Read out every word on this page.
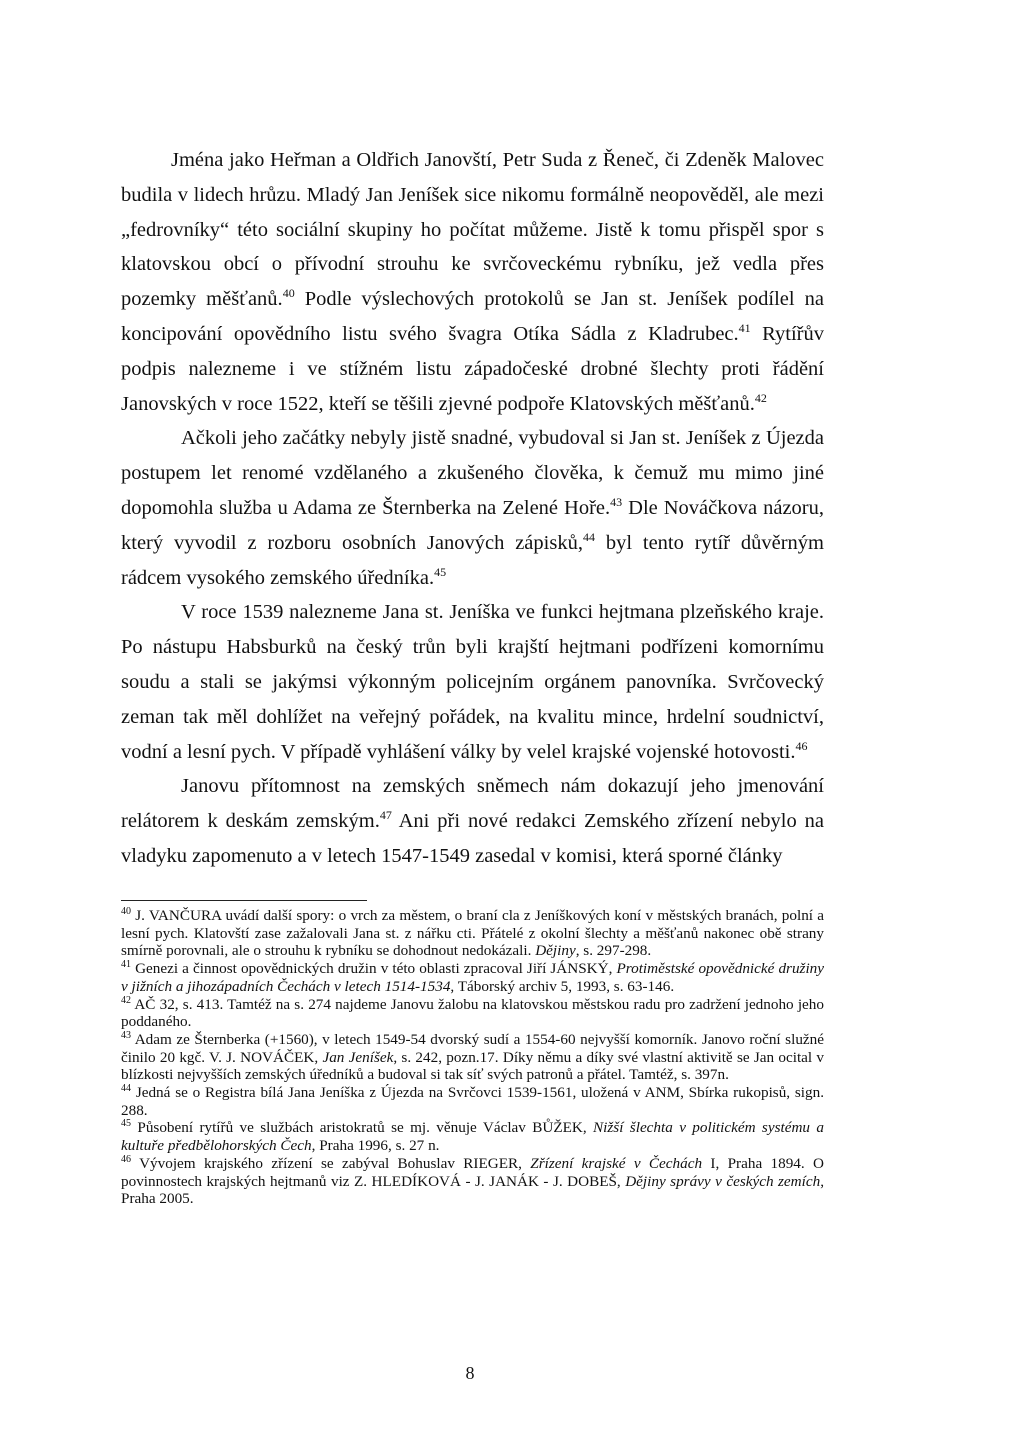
Jména jako Heřman a Oldřich Janovští, Petr Suda z Řeneč, či Zdeněk Malovec budila v lidech hrůzu. Mladý Jan Jeníšek sice nikomu formálně neopověděl, ale mezi „fedrovníky“ této sociální skupiny ho počítat můžeme. Jistě k tomu přispěl spor s klatovskou obcí o přívodní strouhu ke svrčoveckému rybníku, jež vedla přes pozemky měšťanů.$^{40}$ Podle výslechových protokolů se Jan st. Jeníšek podílel na koncipování opovědního listu svého švagra Otíka Sádla z Kladrubec.$^{41}$ Rytířův podpis nalezneme i ve stížném listu západočeské drobné šlechty proti řádění Janovských v roce 1522, kteří se těšili zjevné podpoře Klatovských měšťanů.$^{42}$

Ačkoli jeho začátky nebyly jistě snadné, vybudoval si Jan st. Jeníšek z Újezda postupem let renomé vzdělaného a zkušeného člověka, k čemuž mu mimo jiné dopomohla služba u Adama ze Šternberka na Zelené Hoře.$^{43}$ Dle Nováčkova názoru, který vyvodil z rozboru osobních Janových zápisků,$^{44}$ byl tento rytíř důvěrným rádcem vysokého zemského úředníka.$^{45}$

V roce 1539 nalezneme Jana st. Jeníška ve funkci hejtmana plzeňského kraje. Po nástupu Habsburků na český trůn byli krajští hejtmani podřízeni komornímu soudu a stali se jakýmsi výkonným policejním orgánem panovníka. Svrčovecký zeman tak měl dohlížet na veřejný pořádek, na kvalitu mince, hrdelní soudnictví, vodní a lesní pych. V případě vyhlášení války by velel krajské vojenské hotovosti.$^{46}$

Janovu přítomnost na zemských sněmech nám dokazují jeho jmenování relátorem k deskám zemským.$^{47}$ Ani při nové redakci Zemského zřízení nebylo na vladyku zapomenuto a v letech 1547-1549 zasedal v komisi, která sporné články

$^{40}$ J. VANČURA uvádí další spory: o vrch za městem, o braní cla z Jeníškových koní v městských branách, polní a lesní pych. Klatovští zase zažalovali Jana st. z nářku cti. Přátelé z okolní šlechty a měšťanů nakonec obě strany smírně porovnali, ale o strouhu k rybníku se dohodnout nedokázali. Dějiny, s. 297-298.

$^{41}$ Genezi a činnost opovědnických družin v této oblasti zpracoval Jiří JÁNSKÝ, Protiměstské opovědnické družiny v jižních a jihozápadních Čechách v letech 1514-1534, Táborský archiv 5, 1993, s. 63-146.

$^{42}$ AČ 32, s. 413. Tamtéž na s. 274 najdeme Janovu žalobu na klatovskou městskou radu pro zadržení jednoho jeho poddaného.

$^{43}$ Adam ze Šternberka (+1560), v letech 1549-54 dvorský sudí a 1554-60 nejvyšší komorník. Janovo roční služné činilo 20 kgč. V. J. NOVÁČEK, Jan Jeníšek, s. 242, pozn.17. Díky němu a díky své vlastní aktivitě se Jan ocital v blízkosti nejvyšších zemských úředníků a budoval si tak síť svých patronů a přátel. Tamtéž, s. 397n.

$^{44}$ Jedná se o Registra bílá Jana Jeníška z Újezda na Svrčovci 1539-1561, uložená v ANM, Sbírka rukopisů, sign. 288.

$^{45}$ Působení rytířů ve službách aristokratů se mj. věnuje Václav BŮŽEK, Nižší šlechta v politickém systému a kultuře předbělohorských Čech, Praha 1996, s. 27 n.

$^{46}$ Vývojem krajského zřízení se zabýval Bohuslav RIEGER, Zřízení krajské v Čechách I, Praha 1894. O povinnostech krajských hejtmanů viz Z. HLEDÍKOVÁ - J. JANÁK - J. DOBEŠ, Dějiny správy v českých zemích, Praha 2005.

8
